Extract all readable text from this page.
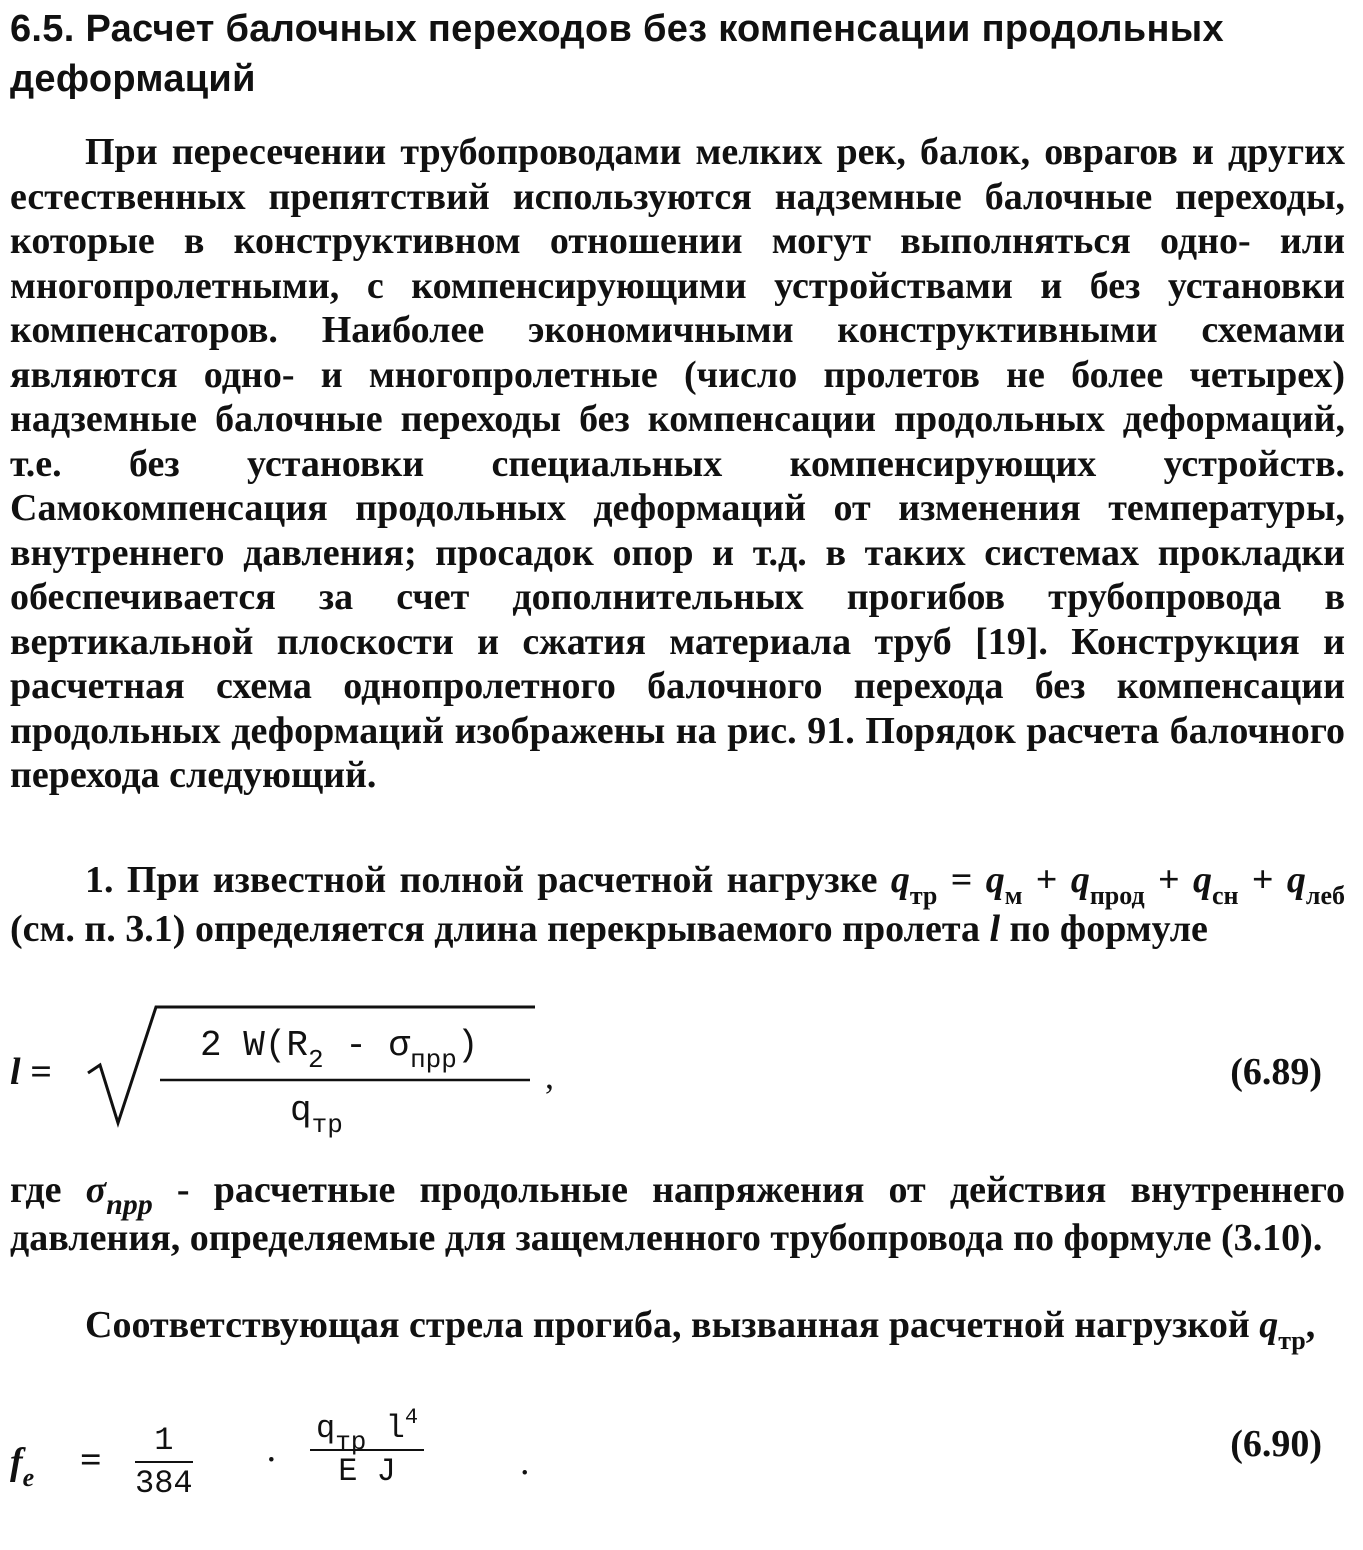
6.5. Расчет балочных переходов без компенсации продольных деформаций
При пересечении трубопроводами мелких рек, балок, оврагов и других естественных препятствий используются надземные балочные переходы, которые в конструктивном отношении могут выполняться одно- или многопролетными, с компенсирующими устройствами и без установки компенсаторов. Наиболее экономичными конструктивными схемами являются одно- и многопролетные (число пролетов не более четырех) надземные балочные переходы без компенсации продольных деформаций, т.е. без установки специальных компенсирующих устройств. Самокомпенсация продольных деформаций от изменения температуры, внутреннего давления; просадок опор и т.д. в таких системах прокладки обеспечивается за счет дополнительных прогибов трубопровода в вертикальной плоскости и сжатия материала труб [19]. Конструкция и расчетная схема однопролетного балочного перехода без компенсации продольных деформаций изображены на рис. 91. Порядок расчета балочного перехода следующий.
1. При известной полной расчетной нагрузке $q_{тр} = q_м + q_{прод} + q_{сн} + q_{леб}$ (см. п. 3.1) определяется длина перекрываемого пролета l по формуле
l =
2 $W(R_2 - \sigma_{прр})$
$q_{тр}$
,	(6.89)
где $\sigma_{прр}$ - расчетные продольные напряжения от действия внутреннего давления, определяемые для защемленного трубопровода по формуле (3.10).
Соответствующая стрела прогиба, вызванная расчетной нагрузкой $q_{тр}$,
$f_e = \frac{1}{384}$ ·
$q_{тр}$ $l^4$
E J	.	(6.90)
